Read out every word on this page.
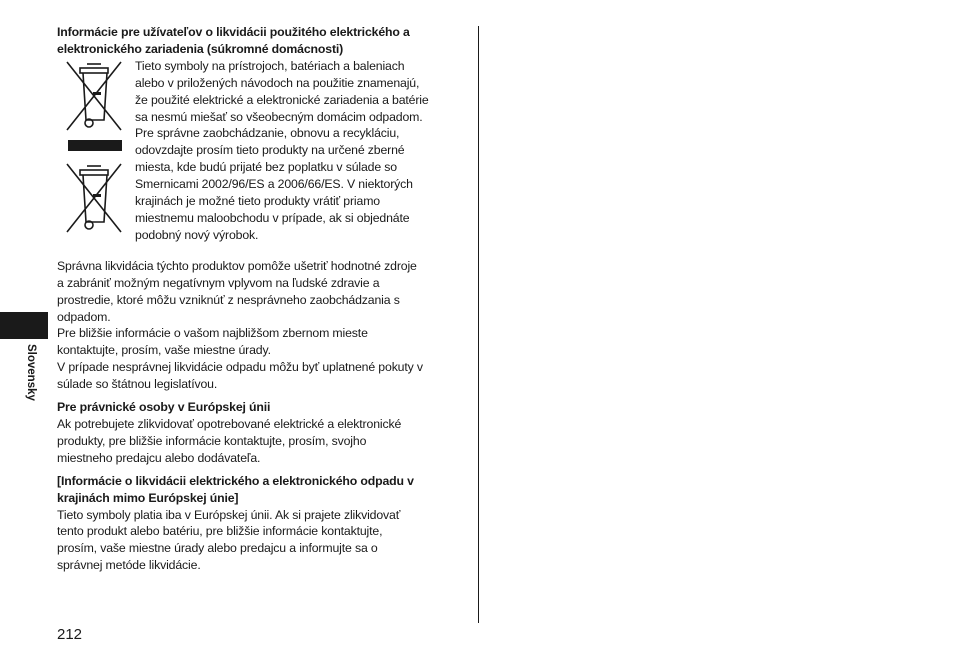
Informácie pre užívateľov o likvidácii použitého elektrického a
elektronického zariadenia (súkromné domácnosti)

Tieto symboly na prístrojoch, batériach a baleniach
alebo v priložených návodoch na použitie znamenajú,
že použité elektrické a elektronické zariadenia a batérie
sa nesmú miešať so všeobecným domácim odpadom.
Pre správne zaobchádzanie, obnovu a recykláciu,
odovzdajte prosím tieto produkty na určené zberné
miesta, kde budú prijaté bez poplatku v súlade so
Smernicami 2002/96/ES a 2006/66/ES. V niektorých
krajinách je možné tieto produkty vrátiť priamo
miestnemu maloobchodu v prípade, ak si objednáte
podobný nový výrobok.

Správna likvidácia týchto produktov pomôže ušetriť hodnotné zdroje
a zabrániť možným negatívnym vplyvom na ľudské zdravie a
prostredie, ktoré môžu vzniknúť z nesprávneho zaobchádzania s
odpadom.

Pre bližšie informácie o vašom najbližšom zbernom mieste
kontaktujte, prosím, vaše miestne úrady.

V prípade nesprávnej likvidácie odpadu môžu byť uplatnené pokuty v
súlade so štátnou legislatívou.

Pre právnické osoby v Európskej únii

Ak potrebujete zlikvidovať opotrebované elektrické a elektronické
produkty, pre bližšie informácie kontaktujte, prosím, svojho
miestneho predajcu alebo dodávateľa.

[Informácie o likvidácii elektrického a elektronického odpadu v
krajinách mimo Európskej únie]

Tieto symboly platia iba v Európskej únii. Ak si prajete zlikvidovať
tento produkt alebo batériu, pre bližšie informácie kontaktujte,
prosím, vaše miestne úrady alebo predajcu a informujte sa o
správnej metóde likvidácie.

Slovensky
212
